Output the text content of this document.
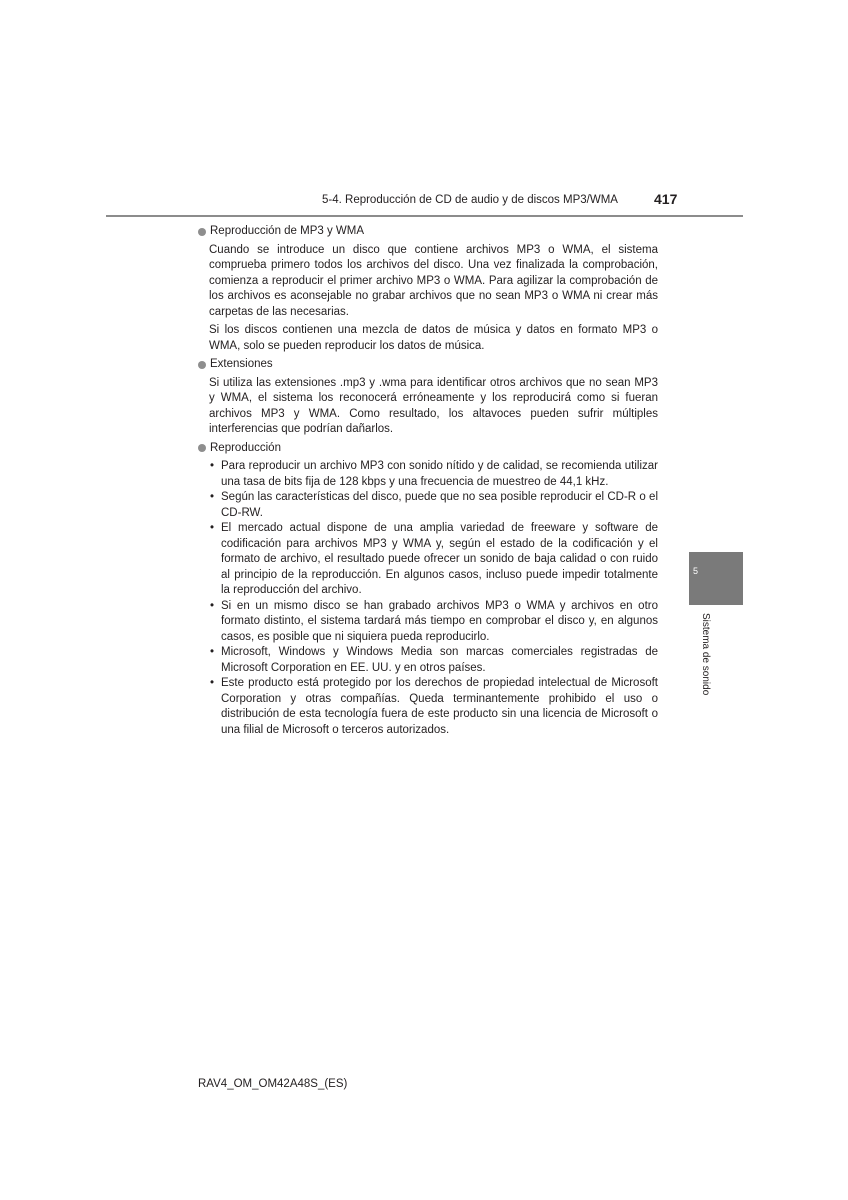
5-4. Reproducción de CD de audio y de discos MP3/WMA	417
Reproducción de MP3 y WMA

Cuando se introduce un disco que contiene archivos MP3 o WMA, el sistema comprueba primero todos los archivos del disco. Una vez finalizada la comprobación, comienza a reproducir el primer archivo MP3 o WMA. Para agilizar la comprobación de los archivos es aconsejable no grabar archivos que no sean MP3 o WMA ni crear más carpetas de las necesarias.

Si los discos contienen una mezcla de datos de música y datos en formato MP3 o WMA, solo se pueden reproducir los datos de música.

Extensiones

Si utiliza las extensiones .mp3 y .wma para identificar otros archivos que no sean MP3 y WMA, el sistema los reconocerá erróneamente y los reproducirá como si fueran archivos MP3 y WMA. Como resultado, los altavoces pueden sufrir múltiples interferencias que podrían dañarlos.

Reproducción
• Para reproducir un archivo MP3 con sonido nítido y de calidad, se recomienda utilizar una tasa de bits fija de 128 kbps y una frecuencia de muestreo de 44,1 kHz.
• Según las características del disco, puede que no sea posible reproducir el CD-R o el CD-RW.
• El mercado actual dispone de una amplia variedad de freeware y software de codificación para archivos MP3 y WMA y, según el estado de la codificación y el formato de archivo, el resultado puede ofrecer un sonido de baja calidad o con ruido al principio de la reproducción. En algunos casos, incluso puede impedir totalmente la reproducción del archivo.
• Si en un mismo disco se han grabado archivos MP3 o WMA y archivos en otro formato distinto, el sistema tardará más tiempo en comprobar el disco y, en algunos casos, es posible que ni siquiera pueda reproducirlo.
• Microsoft, Windows y Windows Media son marcas comerciales registradas de Microsoft Corporation en EE. UU. y en otros países.
• Este producto está protegido por los derechos de propiedad intelectual de Microsoft Corporation y otras compañías. Queda terminantemente prohibido el uso o distribución de esta tecnología fuera de este producto sin una licencia de Microsoft o una filial de Microsoft o terceros autorizados.
5
Sistema de sonido
RAV4_OM_OM42A48S_(ES)
